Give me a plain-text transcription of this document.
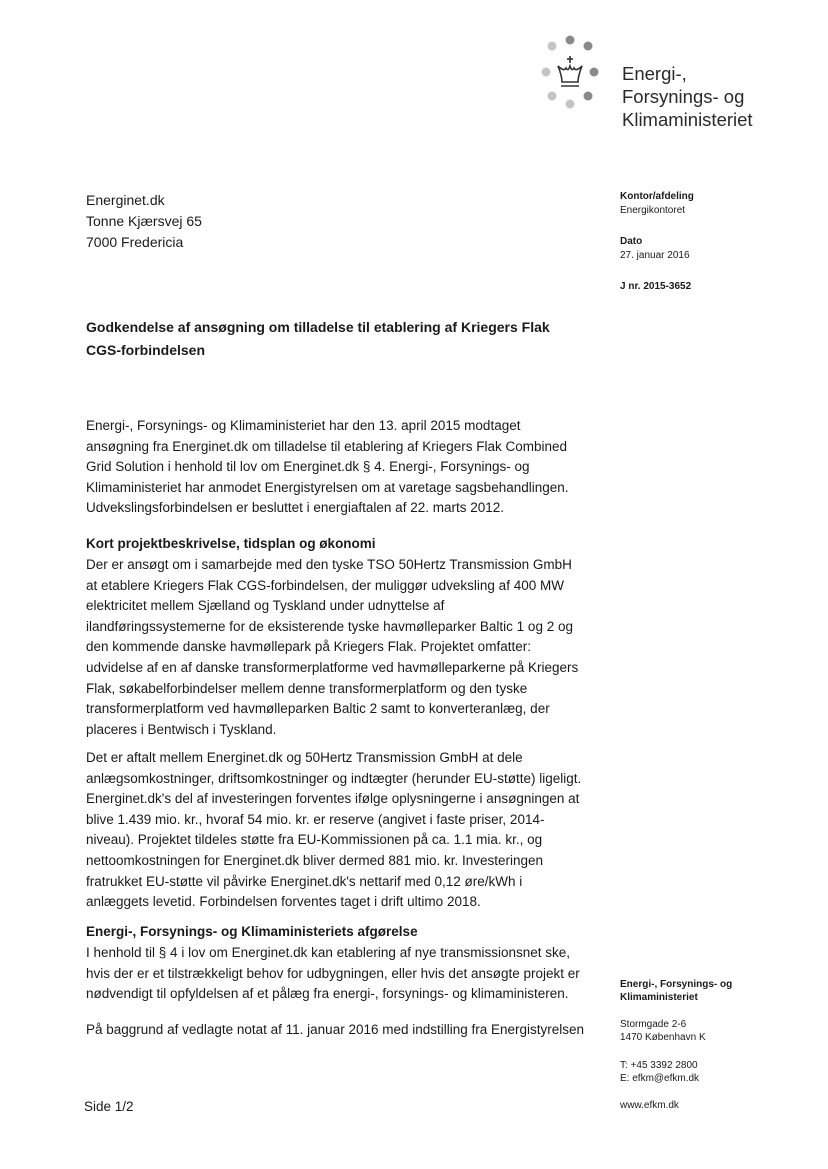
Energi-,
Forsynings- og
Klimaministeriet
Energinet.dk
Tonne Kjærsvej 65
7000 Fredericia
Kontor/afdeling
Energikontoret
Dato
27. januar 2016
J nr. 2015-3652
Godkendelse af ansøgning om tilladelse til etablering af Kriegers Flak
CGS-forbindelsen
Energi-, Forsynings- og Klimaministeriet har den 13. april 2015 modtaget
ansøgning fra Energinet.dk om tilladelse til etablering af Kriegers Flak Combined
Grid Solution i henhold til lov om Energinet.dk § 4. Energi-, Forsynings- og
Klimaministeriet har anmodet Energistyrelsen om at varetage sagsbehandlingen.
Udvekslingsforbindelsen er besluttet i energiaftalen af 22. marts 2012.
Kort projektbeskrivelse, tidsplan og økonomi
Der er ansøgt om i samarbejde med den tyske TSO 50Hertz Transmission GmbH
at etablere Kriegers Flak CGS-forbindelsen, der muliggør udveksling af 400 MW
elektricitet mellem Sjælland og Tyskland under udnyttelse af
ilandføringssystemerne for de eksisterende tyske havmølleparker Baltic 1 og 2 og
den kommende danske havmøllepark på Kriegers Flak. Projektet omfatter:
udvidelse af en af danske transformerplatforme ved havmølleparkerne på Kriegers
Flak, søkabelforbindelser mellem denne transformerplatform og den tyske
transformerplatform ved havmølleparken Baltic 2 samt to konverteranlæg, der
placeres i Bentwisch i Tyskland.
Det er aftalt mellem Energinet.dk og 50Hertz Transmission GmbH at dele
anlægsomkostninger, driftsomkostninger og indtægter (herunder EU-støtte) ligeligt.
Energinet.dk's del af investeringen forventes ifølge oplysningerne i ansøgningen at
blive 1.439 mio. kr., hvoraf 54 mio. kr. er reserve (angivet i faste priser, 2014-
niveau). Projektet tildeles støtte fra EU-Kommissionen på ca. 1.1 mia. kr., og
nettoomkostningen for Energinet.dk bliver dermed 881 mio. kr. Investeringen
fratrukket EU-støtte vil påvirke Energinet.dk's nettarif med 0,12 øre/kWh i
anlæggets levetid. Forbindelsen forventes taget i drift ultimo 2018.
Energi-, Forsynings- og Klimaministeriets afgørelse
I henhold til § 4 i lov om Energinet.dk kan etablering af nye transmissionsnet ske,
hvis der er et tilstrækkeligt behov for udbygningen, eller hvis det ansøgte projekt er
nødvendigt til opfyldelsen af et pålæg fra energi-, forsynings- og klimaministeren.
På baggrund af vedlagte notat af 11. januar 2016 med indstilling fra Energistyrelsen
Energi-, Forsynings- og
Klimaministeriet
Stormgade 2-6
1470 København K
T: +45 3392 2800
E: efkm@efkm.dk
www.efkm.dk
Side 1/2
